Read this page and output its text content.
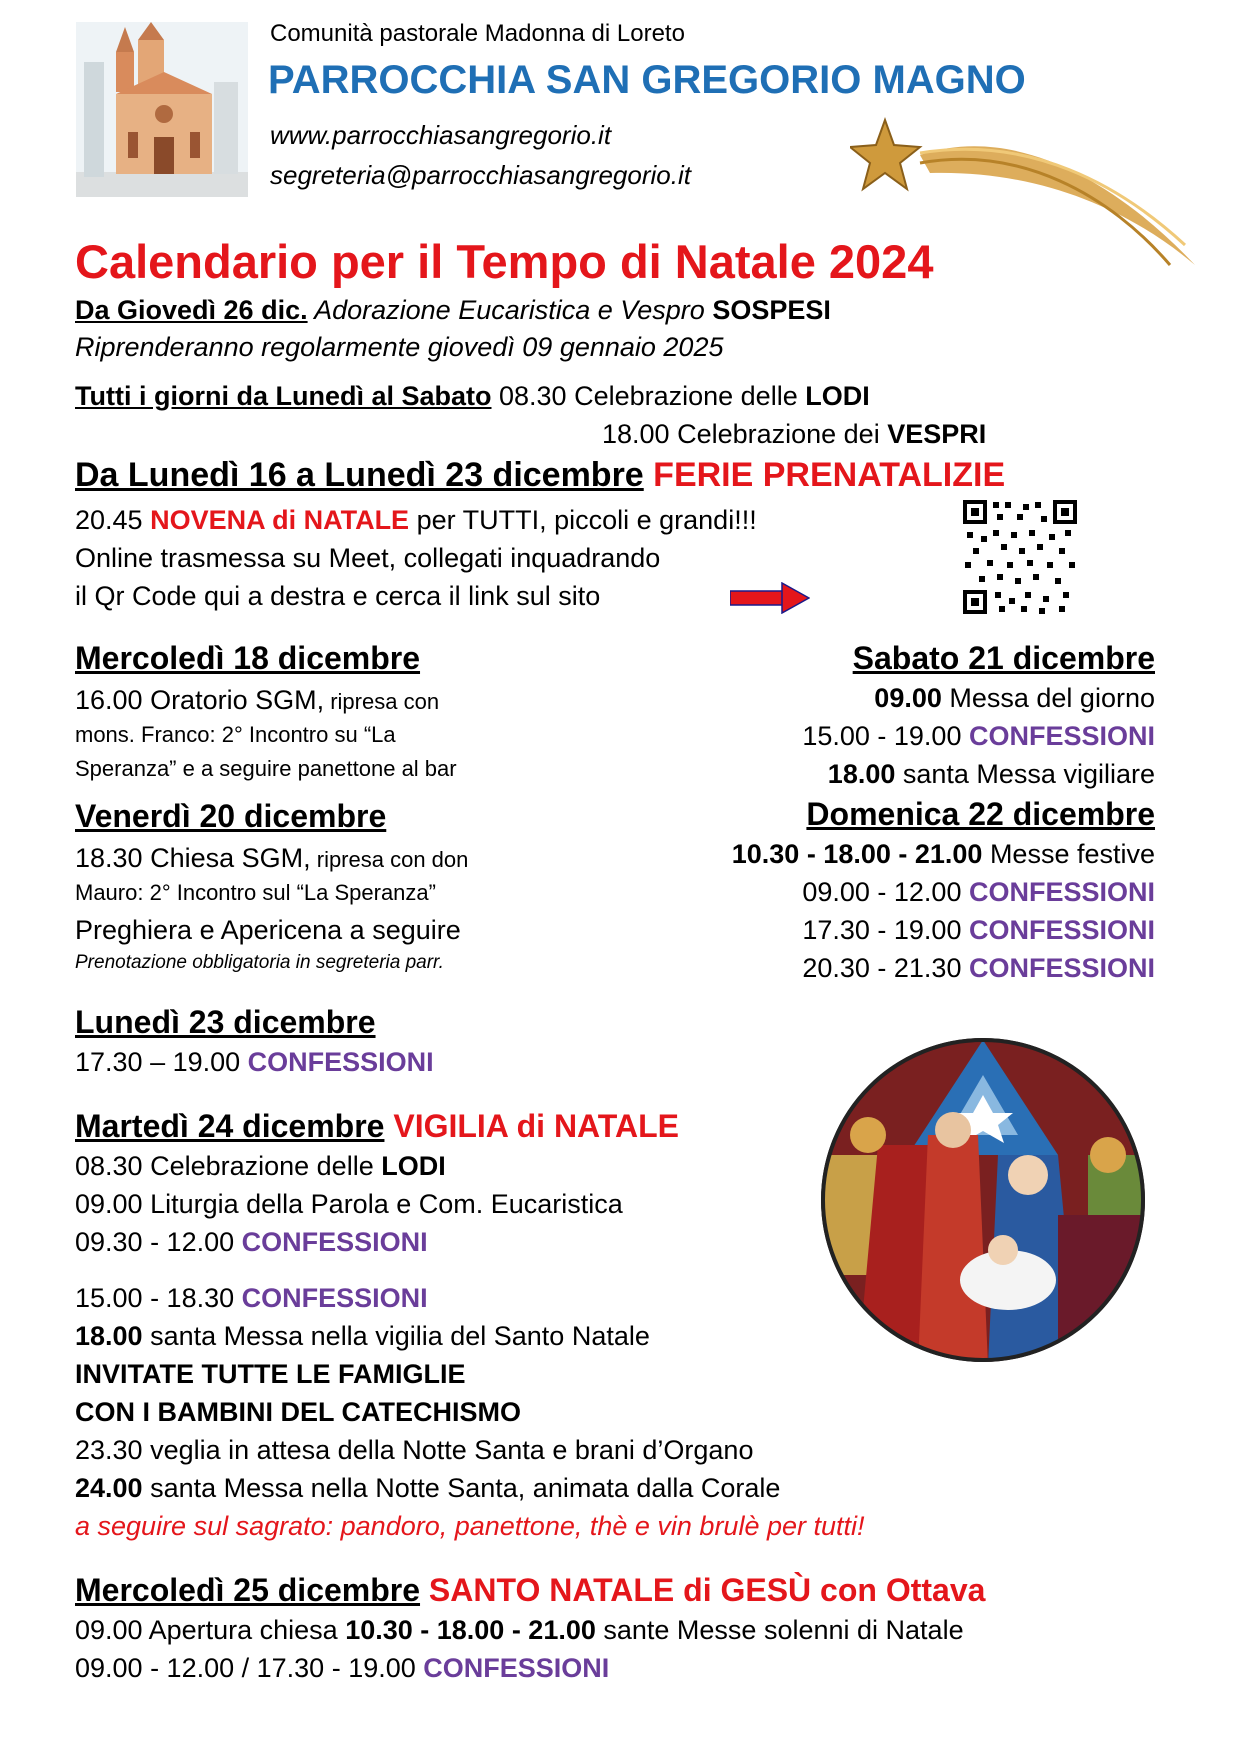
Comunità pastorale Madonna di Loreto
PARROCCHIA SAN GREGORIO MAGNO
www.parrocchiasangregorio.it
segreteria@parrocchiasangregorio.it
Calendario per il Tempo di Natale 2024
Da Giovedì 26 dic. Adorazione Eucaristica e Vespro SOSPESI
Riprenderanno regolarmente giovedì 09 gennaio 2025
Tutti i giorni da Lunedì al Sabato 08.30 Celebrazione delle LODI
18.00 Celebrazione dei VESPRI
Da Lunedì 16 a Lunedì 23 dicembre FERIE PRENATALIZIE
20.45 NOVENA di NATALE per TUTTI, piccoli e grandi!!!
Online trasmessa su Meet, collegati inquadrando
il Qr Code qui a destra e cerca il link sul sito
Mercoledì 18 dicembre
16.00 Oratorio SGM, ripresa con
mons. Franco: 2° Incontro su “La
Speranza” e a seguire panettone al bar
Venerdì 20 dicembre
18.30 Chiesa SGM, ripresa con don
Mauro: 2° Incontro sul “La Speranza”
Preghiera e Apericena a seguire
Prenotazione obbligatoria in segreteria parr.
Sabato 21 dicembre
09.00 Messa del giorno
15.00 - 19.00 CONFESSIONI
18.00 santa Messa vigiliare
Domenica 22 dicembre
10.30 - 18.00 - 21.00 Messe festive
09.00 - 12.00 CONFESSIONI
17.30 - 19.00 CONFESSIONI
20.30 - 21.30 CONFESSIONI
Lunedì 23 dicembre
17.30 – 19.00 CONFESSIONI
Martedì 24 dicembre VIGILIA di NATALE
08.30 Celebrazione delle LODI
09.00 Liturgia della Parola e Com. Eucaristica
09.30 - 12.00 CONFESSIONI
15.00 - 18.30 CONFESSIONI
18.00 santa Messa nella vigilia del Santo Natale
INVITATE TUTTE LE FAMIGLIE
CON I BAMBINI DEL CATECHISMO
23.30 veglia in attesa della Notte Santa e brani d’Organo
24.00 santa Messa nella Notte Santa, animata dalla Corale
a seguire sul sagrato: pandoro, panettone, thè e vin brulè per tutti!
Mercoledì 25 dicembre SANTO NATALE di GESÙ con Ottava
09.00 Apertura chiesa 10.30 - 18.00 - 21.00 sante Messe solenni di Natale
09.00 - 12.00 / 17.30 - 19.00 CONFESSIONI
